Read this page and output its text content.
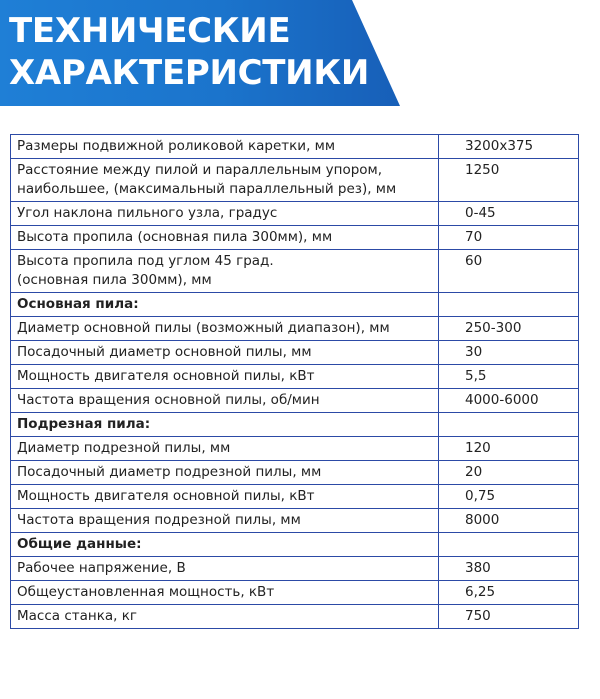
ТЕХНИЧЕСКИЕ
ХАРАКТЕРИСТИКИ
Размеры подвижной роликовой каретки, мм	3200x375

Расстояние между пилой и параллельным упором,
наибольшее, (максимальный параллельный рез), мм	1250

Угол наклона пильного узла, градус	0-45

Высота пропила (основная пила 300мм), мм	70

Высота пропила под углом 45 град.
(основная пила 300мм), мм	60

Основная пила:	

Диаметр основной пилы (возможный диапазон), мм	250-300

Посадочный диаметр основной пилы, мм	30

Мощность двигателя основной пилы, кВт	5,5

Частота вращения основной пилы, об/мин	4000-6000

Подрезная пила:	

Диаметр подрезной пилы, мм	120

Посадочный диаметр подрезной пилы, мм	20

Мощность двигателя основной пилы, кВт	0,75

Частота вращения подрезной пилы, мм	8000

Общие данные:	

Рабочее напряжение, В	380

Общеустановленная мощность, кВт	6,25

Масса станка, кг	750
